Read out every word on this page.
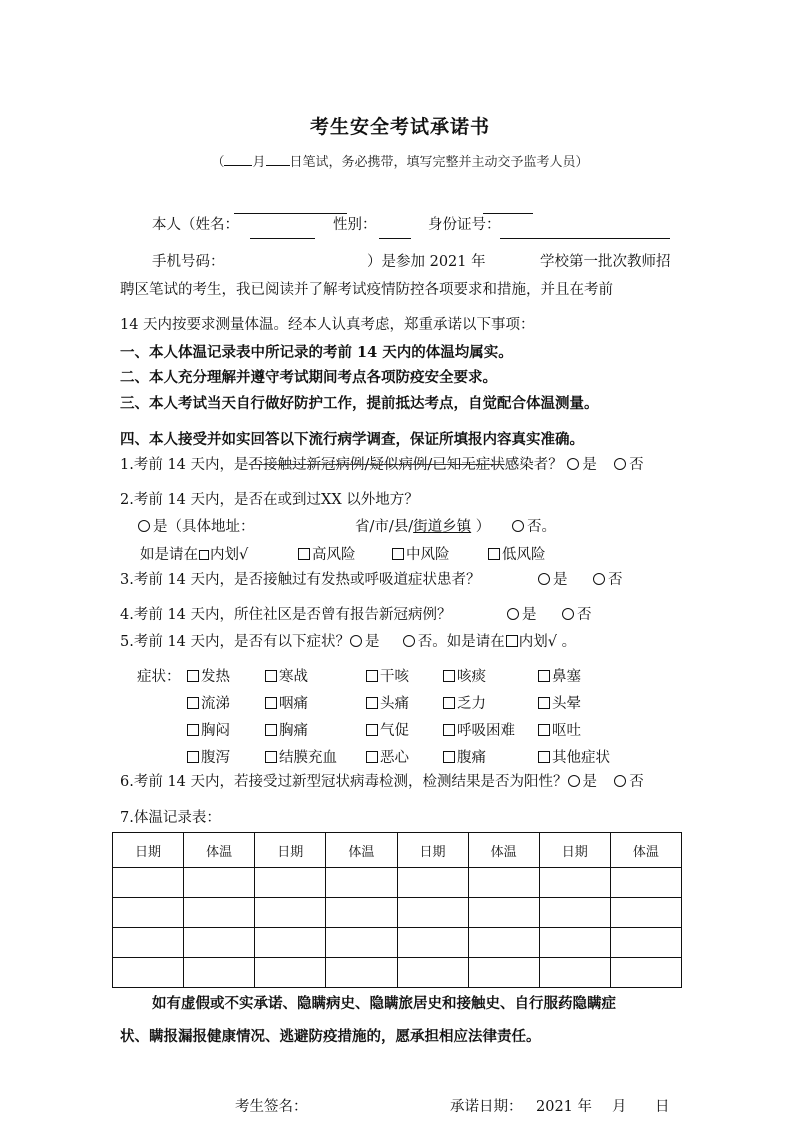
考生安全考试承诺书
（ 月 日笔试，务必携带，填写完整并主动交予监考人员）
本人（姓名：	性别：	身份证号：
手机号码：	）是参加 2021 年	学校第一批次教师招
聘区笔试的考生，我已阅读并了解考试疫情防控各项要求和措施，并且在考前
14 天内按要求测量体温。经本人认真考虑，郑重承诺以下事项：
一、本人体温记录表中所记录的考前 14 天内的体温均属实。
二、本人充分理解并遵守考试期间考点各项防疫安全要求。
三、本人考试当天自行做好防护工作，提前抵达考点，自觉配合体温测量。
四、本人接受并如实回答以下流行病学调查，保证所填报内容真实准确。
1.考前 14 天内，是否接触过新冠病例/疑似病例/已知无症状感染者？ 是 否
2.考前 14 天内，是否在或到过XX 以外地方？
是（具体地址：	省/市/县/街道乡镇 ）	否。
如是请在 内划√	高风险	中风险	低风险
3.考前 14 天内，是否接触过有发热或呼吸道症状患者？	是	否
4.考前 14 天内，所住社区是否曾有报告新冠病例？	是	否
5.考前 14 天内，是否有以下症状？ 是	否。如是请在 内划√ 。
症状：	发热	寒战	干咳	咳痰	鼻塞
流涕	咽痛	头痛	乏力	头晕
胸闷	胸痛	气促	呼吸困难	呕吐
腹泻	结膜充血	恶心	腹痛	其他症状
6.考前 14 天内，若接受过新型冠状病毒检测，检测结果是否为阳性？ 是 否
7.体温记录表：
日期	体温	日期	体温	日期	体温	日期	体温

如有虚假或不实承诺、隐瞒病史、隐瞒旅居史和接触史、自行服药隐瞒症
状、瞒报漏报健康情况、逃避防疫措施的，愿承担相应法律责任。
考生签名：	承诺日期： 2021 年 月 日
